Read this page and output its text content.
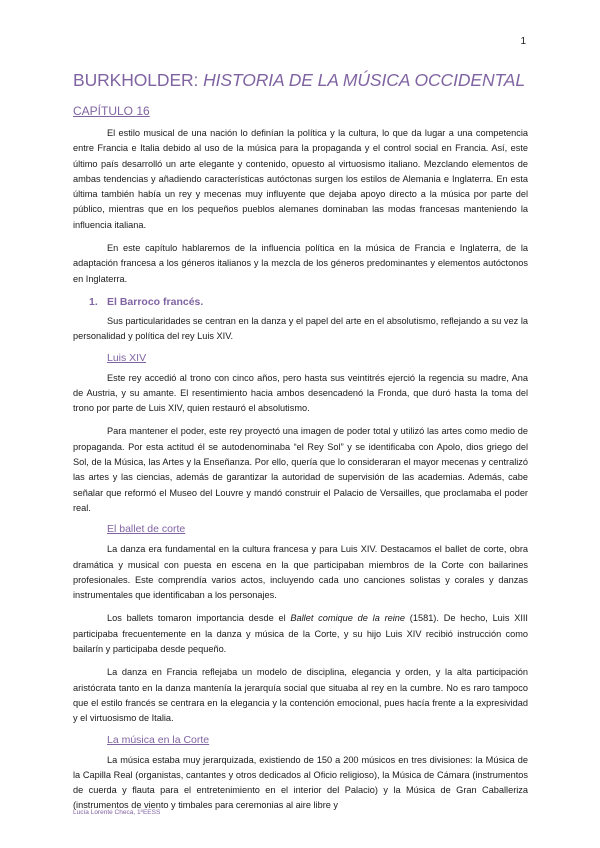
1
BURKHOLDER: HISTORIA DE LA MÚSICA OCCIDENTAL
CAPÍTULO 16

El estilo musical de una nación lo definían la política y la cultura, lo que da lugar a una competencia entre Francia e Italia debido al uso de la música para la propaganda y el control social en Francia. Así, este último país desarrolló un arte elegante y contenido, opuesto al virtuosismo italiano. Mezclando elementos de ambas tendencias y añadiendo características autóctonas surgen los estilos de Alemania e Inglaterra. En esta última también había un rey y mecenas muy influyente que dejaba apoyo directo a la música por parte del público, mientras que en los pequeños pueblos alemanes dominaban las modas francesas manteniendo la influencia italiana.

En este capítulo hablaremos de la influencia política en la música de Francia e Inglaterra, de la adaptación francesa a los géneros italianos y la mezcla de los géneros predominantes y elementos autóctonos en Inglaterra.

1. El Barroco francés.

Sus particularidades se centran en la danza y el papel del arte en el absolutismo, reflejando a su vez la personalidad y política del rey Luis XIV.

Luis XIV

Este rey accedió al trono con cinco años, pero hasta sus veintitrés ejerció la regencia su madre, Ana de Austria, y su amante. El resentimiento hacia ambos desencadenó la Fronda, que duró hasta la toma del trono por parte de Luis XIV, quien restauró el absolutismo.

Para mantener el poder, este rey proyectó una imagen de poder total y utilizó las artes como medio de propaganda. Por esta actitud él se autodenominaba “el Rey Sol” y se identificaba con Apolo, dios griego del Sol, de la Música, las Artes y la Enseñanza. Por ello, quería que lo consideraran el mayor mecenas y centralizó las artes y las ciencias, además de garantizar la autoridad de supervisión de las academias. Además, cabe señalar que reformó el Museo del Louvre y mandó construir el Palacio de Versailles, que proclamaba el poder real.

El ballet de corte

La danza era fundamental en la cultura francesa y para Luis XIV. Destacamos el ballet de corte, obra dramática y musical con puesta en escena en la que participaban miembros de la Corte con bailarines profesionales. Este comprendía varios actos, incluyendo cada uno canciones solistas y corales y danzas instrumentales que identificaban a los personajes.

Los ballets tomaron importancia desde el Ballet comique de la reine (1581). De hecho, Luis XIII participaba frecuentemente en la danza y música de la Corte, y su hijo Luis XIV recibió instrucción como bailarín y participaba desde pequeño.

La danza en Francia reflejaba un modelo de disciplina, elegancia y orden, y la alta participación aristócrata tanto en la danza mantenía la jerarquía social que situaba al rey en la cumbre. No es raro tampoco que el estilo francés se centrara en la elegancia y la contención emocional, pues hacía frente a la expresividad y el virtuosismo de Italia.

La música en la Corte

La música estaba muy jerarquizada, existiendo de 150 a 200 músicos en tres divisiones: la Música de la Capilla Real (organistas, cantantes y otros dedicados al Oficio religioso), la Música de Cámara (instrumentos de cuerda y flauta para el entretenimiento en el interior del Palacio) y la Música de Gran Caballeriza (instrumentos de viento y timbales para ceremonias al aire libre y

Lucía Lorente Checa, 1ºEESS
